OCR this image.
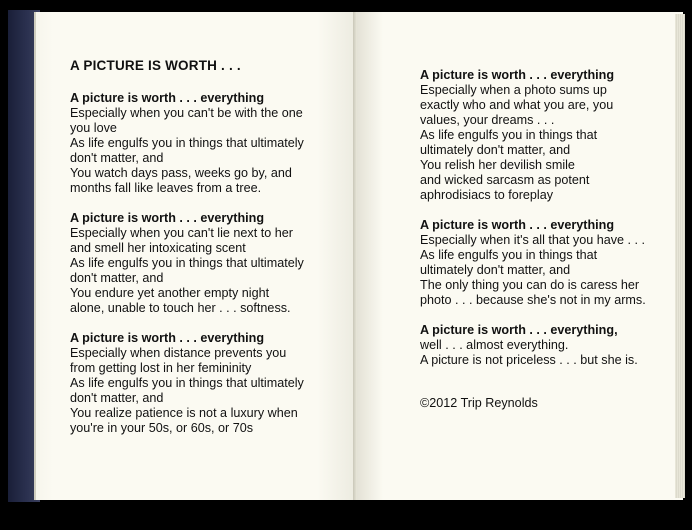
A PICTURE IS WORTH . . .
A picture is worth . . . everything
Especially when you can't be with the one
you love
As life engulfs you in things that ultimately
don't matter, and
You watch days pass, weeks go by, and
months fall like leaves from a tree.
A picture is worth . . . everything
Especially when you can't lie next to her
and smell her intoxicating scent
As life engulfs you in things that ultimately
don't matter, and
You endure yet another empty night
alone, unable to touch her . . . softness.
A picture is worth . . . everything
Especially when distance prevents you
from getting lost in her femininity
As life engulfs you in things that ultimately
don't matter, and
You realize patience is not a luxury when
you're in your 50s, or 60s, or 70s
A picture is worth . . . everything
Especially when a photo sums up
exactly who and what you are, you
values, your dreams . . .
As life engulfs you in things that
ultimately don't matter, and
You relish her devilish smile
and wicked sarcasm as potent
aphrodisiacs to foreplay
A picture is worth . . . everything
Especially when it's all that you have . . .
As life engulfs you in things that
ultimately don't matter, and
The only thing you can do is caress her
photo . . . because she's not in my arms.
A picture is worth . . . everything,
well . . . almost everything.
A picture is not priceless . . . but she is.
©2012 Trip Reynolds
